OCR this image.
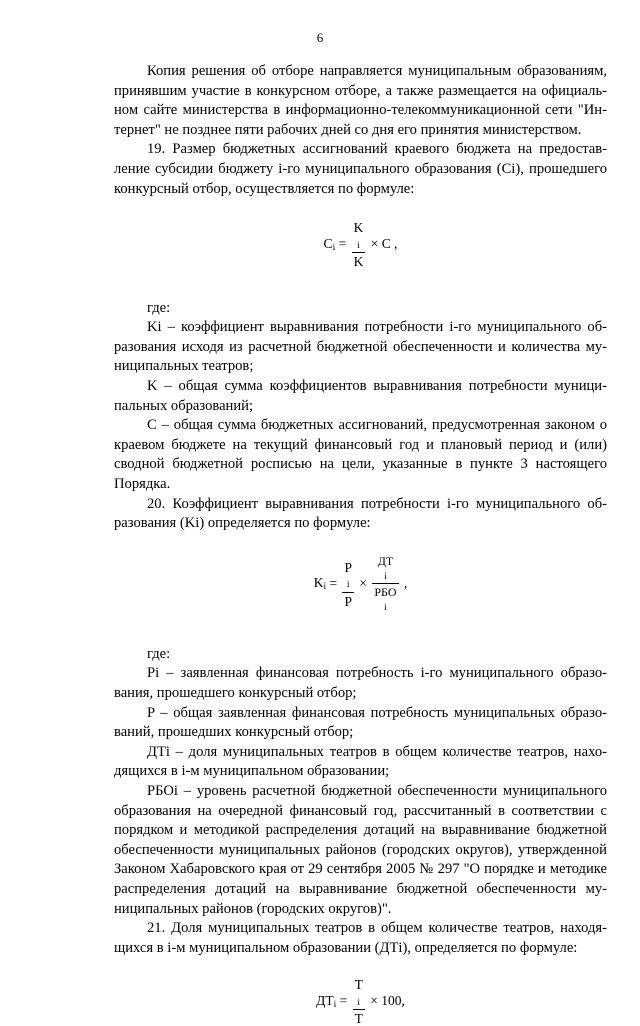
6

Копия решения об отборе направляется муниципальным образованиям, принявшим участие в конкурсном отборе, а также размещается на официальном сайте министерства в информационно-телекоммуникационной сети "Интернет" не позднее пяти рабочих дней со дня его принятия министерством.

19. Размер бюджетных ассигнований краевого бюджета на предоставление субсидии бюджету i-го муниципального образования (Ci), прошедшего конкурсный отбор, осуществляется по формуле:

$C_i = K$
$_i$
K × C ,

где:

Ki – коэффициент выравнивания потребности i-го муниципального образования исходя из расчетной бюджетной обеспеченности и количества муниципальных театров;

K – общая сумма коэффициентов выравнивания потребности муниципальных образований;

C – общая сумма бюджетных ассигнований, предусмотренная законом о краевом бюджете на текущий финансовый год и плановый период и (или) сводной бюджетной росписью на цели, указанные в пункте 3 настоящего Порядка.

20. Коэффициент выравнивания потребности i-го муниципального образования (Ki) определяется по формуле:

$K_i = P$
$_i$
P × ДТ
$_i$
РБО
$_i$ ,

где:

Pi – заявленная финансовая потребность i-го муниципального образования, прошедшего конкурсный отбор;

P – общая заявленная финансовая потребность муниципальных образований, прошедших конкурсный отбор;

ДТi – доля муниципальных театров в общем количестве театров, находящихся в i-м муниципальном образовании;

РБОi – уровень расчетной бюджетной обеспеченности муниципального образования на очередной финансовый год, рассчитанный в соответствии с порядком и методикой распределения дотаций на выравнивание бюджетной обеспеченности муниципальных районов (городских округов), утвержденной Законом Хабаровского края от 29 сентября 2005 № 297 "О порядке и методике распределения дотаций на выравнивание бюджетной обеспеченности муниципальных районов (городских округов)".

21. Доля муниципальных театров в общем количестве театров, находящихся в i-м муниципальном образовании (ДТi), определяется по формуле:

$ДТ_i = T$
$_i$
T × 100,
